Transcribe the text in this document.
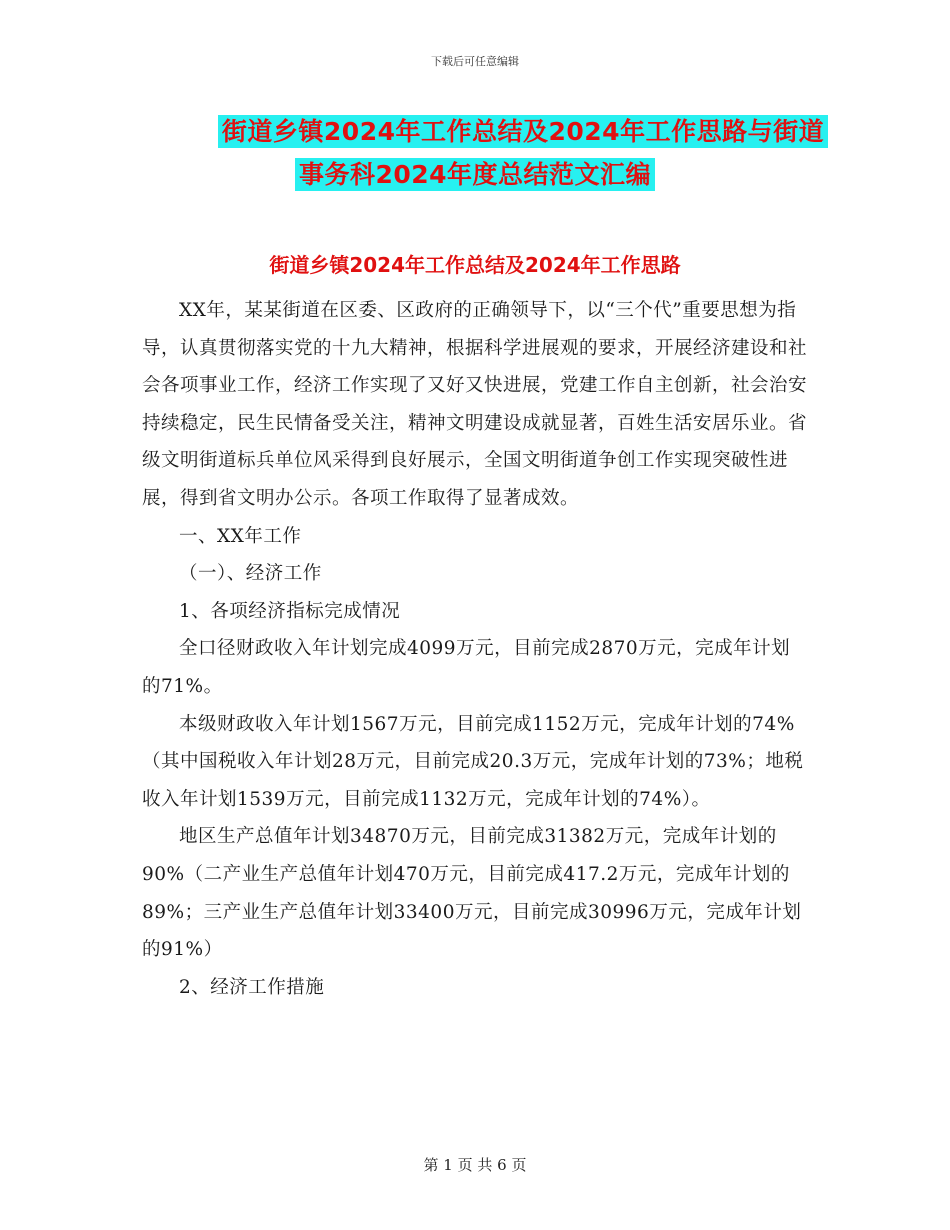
下载后可任意编辑
街道乡镇2024年工作总结及2024年工作思路与街道
事务科2024年度总结范文汇编
街道乡镇2024年工作总结及2024年工作思路

XX年，某某街道在区委、区政府的正确领导下，以“三个代”重要思想为指导，认真贯彻落实党的十九大精神，根据科学进展观的要求，开展经济建设和社会各项事业工作，经济工作实现了又好又快进展，党建工作自主创新，社会治安持续稳定，民生民情备受关注，精神文明建设成就显著，百姓生活安居乐业。省级文明街道标兵单位风采得到良好展示，全国文明街道争创工作实现突破性进展，得到省文明办公示。各项工作取得了显著成效。

一、XX年工作

（一）、经济工作

1、各项经济指标完成情况

全口径财政收入年计划完成4099万元，目前完成2870万元，完成年计划的71%。

本级财政收入年计划1567万元，目前完成1152万元，完成年计划的74%（其中国税收入年计划28万元，目前完成20.3万元，完成年计划的73%；地税收入年计划1539万元，目前完成1132万元，完成年计划的74%）。

地区生产总值年计划34870万元，目前完成31382万元，完成年计划的90%（二产业生产总值年计划470万元，目前完成417.2万元，完成年计划的89%；三产业生产总值年计划33400万元，目前完成30996万元，完成年计划的91%）

2、经济工作措施

第 1 页 共 6 页
